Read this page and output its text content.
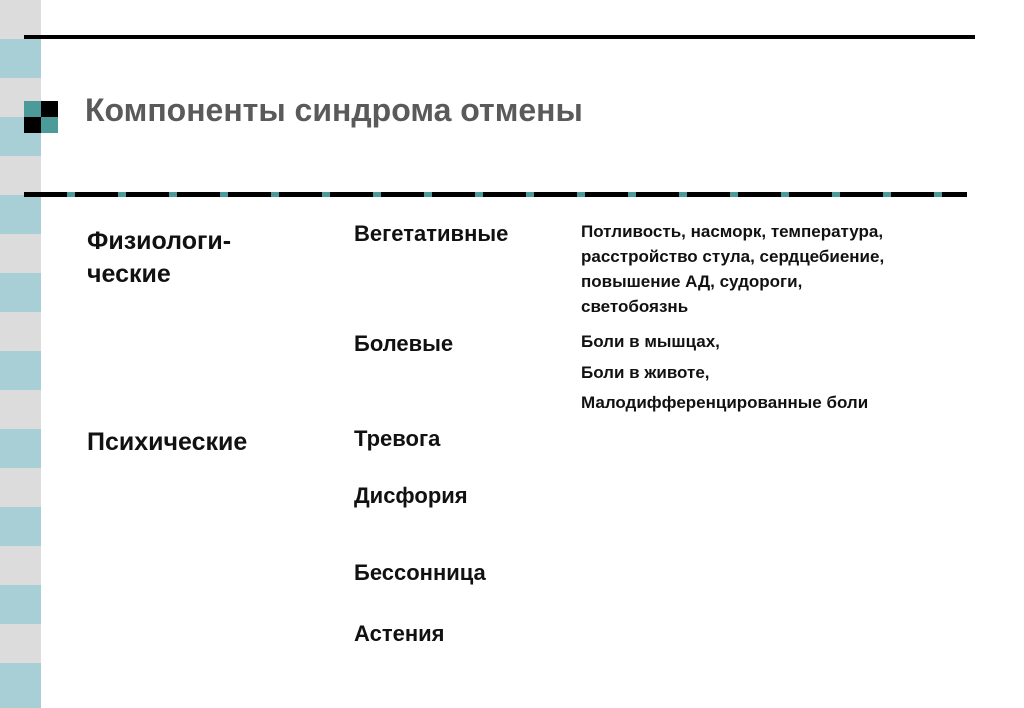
Компоненты синдрома отмены
Физиологи-
ческие
Психические
Вегетативные
Болевые
Тревога
Дисфория
Бессонница
Астения
Потливость, насморк, температура,
расстройство стула, сердцебиение,
повышение АД, судороги,
светобоязнь
Боли в мышцах,
Боли в животе,
Малодифференцированные боли
